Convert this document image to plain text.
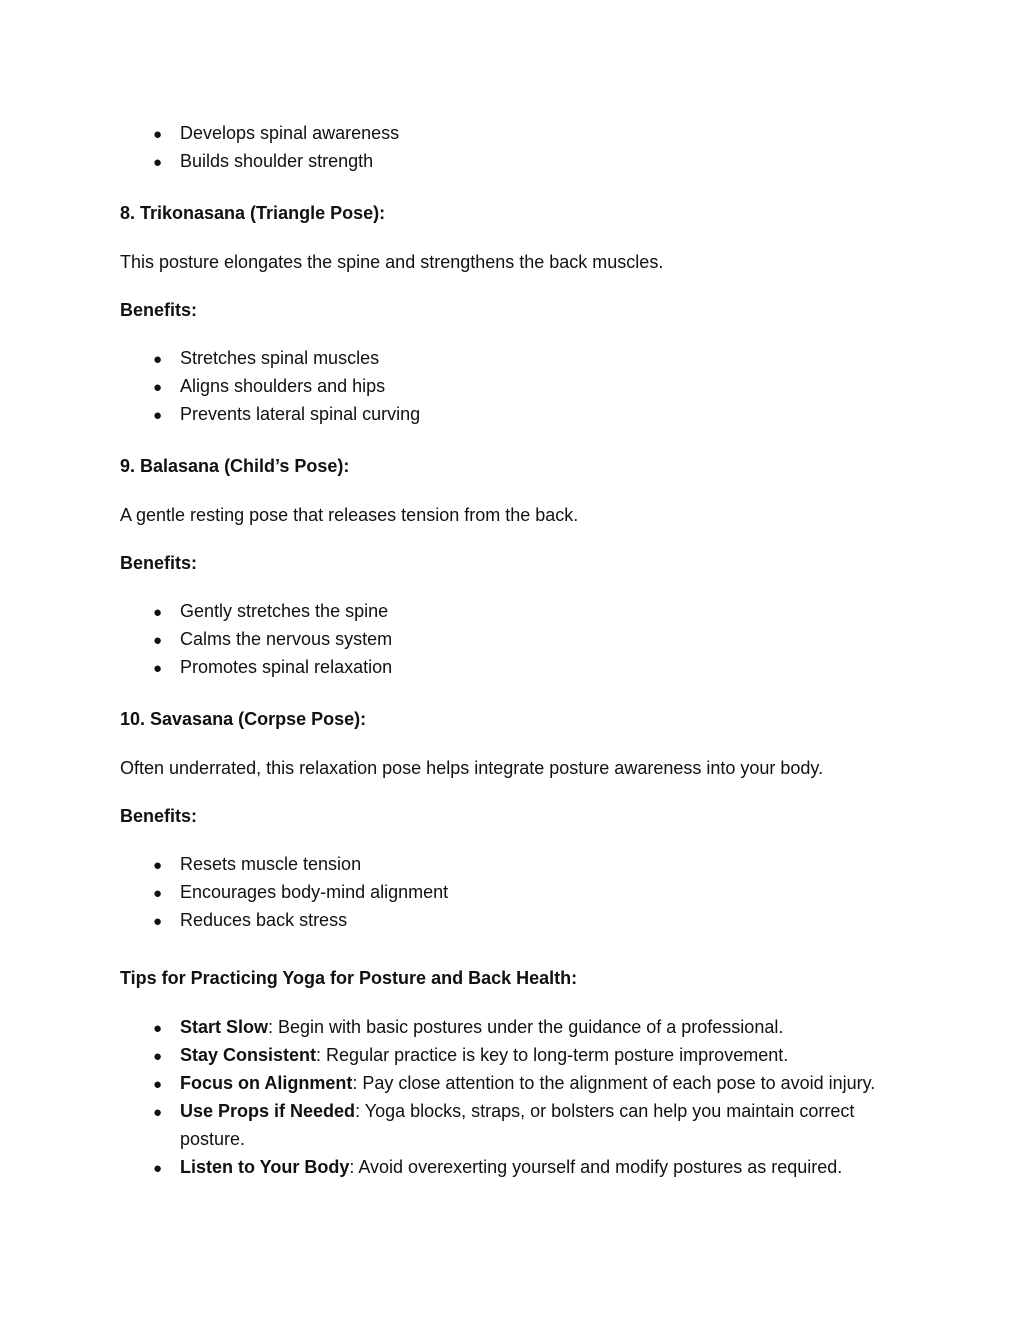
● Develops spinal awareness
● Builds shoulder strength
8. Trikonasana (Triangle Pose):
This posture elongates the spine and strengthens the back muscles.
Benefits:
● Stretches spinal muscles
● Aligns shoulders and hips
● Prevents lateral spinal curving
9. Balasana (Child’s Pose):
A gentle resting pose that releases tension from the back.
Benefits:
● Gently stretches the spine
● Calms the nervous system
● Promotes spinal relaxation
10. Savasana (Corpse Pose):
Often underrated, this relaxation pose helps integrate posture awareness into your body.
Benefits:
● Resets muscle tension
● Encourages body-mind alignment
● Reduces back stress
Tips for Practicing Yoga for Posture and Back Health:
● Start Slow: Begin with basic postures under the guidance of a professional.
● Stay Consistent: Regular practice is key to long-term posture improvement.
● Focus on Alignment: Pay close attention to the alignment of each pose to avoid injury.
● Use Props if Needed: Yoga blocks, straps, or bolsters can help you maintain correct
posture.
● Listen to Your Body: Avoid overexerting yourself and modify postures as required.
